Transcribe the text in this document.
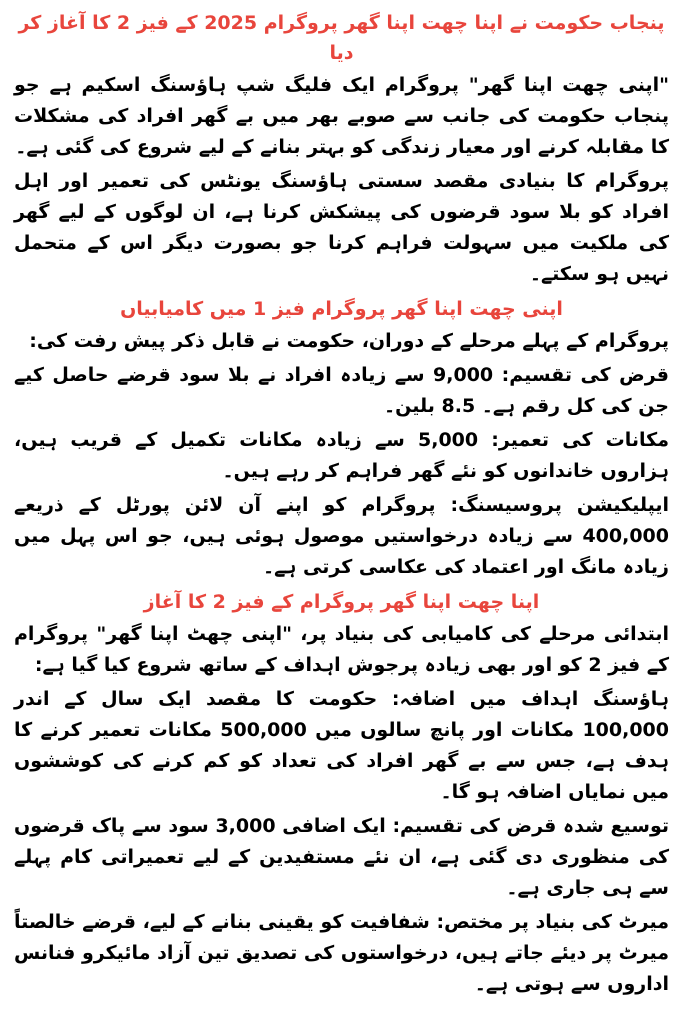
پنجاب حکومت نے اپنا چھت اپنا گھر پروگرام 2025 کے فیز 2 کا آغاز کر دیا

"اپنی چھت اپنا گھر" پروگرام ایک فلیگ شپ ہاؤسنگ اسکیم ہے جو پنجاب حکومت کی جانب سے صوبے بھر میں بے گھر افراد کی مشکلات کا مقابلہ کرنے اور معیار زندگی کو بہتر بنانے کے لیے شروع کی گئی ہے۔

پروگرام کا بنیادی مقصد سستی ہاؤسنگ یونٹس کی تعمیر اور اہل افراد کو بلا سود قرضوں کی پیشکش کرنا ہے، ان لوگوں کے لیے گھر کی ملکیت میں سہولت فراہم کرنا جو بصورت دیگر اس کے متحمل نہیں ہو سکتے۔

اپنی چھت اپنا گھر پروگرام فیز 1 میں کامیابیاں

پروگرام کے پہلے مرحلے کے دوران، حکومت نے قابل ذکر پیش رفت کی:

قرض کی تقسیم: 9,000 سے زیادہ افراد نے بلا سود قرضے حاصل کیے جن کی کل رقم ہے۔ 8.5 بلین۔

مکانات کی تعمیر: 5,000 سے زیادہ مکانات تکمیل کے قریب ہیں، ہزاروں خاندانوں کو نئے گھر فراہم کر رہے ہیں۔

ایپلیکیشن پروسیسنگ: پروگرام کو اپنے آن لائن پورٹل کے ذریعے 400,000 سے زیادہ درخواستیں موصول ہوئی ہیں، جو اس پہل میں زیادہ مانگ اور اعتماد کی عکاسی کرتی ہے۔

اپنا چھت اپنا گھر پروگرام کے فیز 2 کا آغاز

ابتدائی مرحلے کی کامیابی کی بنیاد پر، "اپنی چھٹ اپنا گھر" پروگرام کے فیز 2 کو اور بھی زیادہ پرجوش اہداف کے ساتھ شروع کیا گیا ہے:

ہاؤسنگ اہداف میں اضافہ: حکومت کا مقصد ایک سال کے اندر 100,000 مکانات اور پانچ سالوں میں 500,000 مکانات تعمیر کرنے کا ہدف ہے، جس سے بے گھر افراد کی تعداد کو کم کرنے کی کوششوں میں نمایاں اضافہ ہو گا۔

توسیع شدہ قرض کی تقسیم: ایک اضافی 3,000 سود سے پاک قرضوں کی منظوری دی گئی ہے، ان نئے مستفیدین کے لیے تعمیراتی کام پہلے سے ہی جاری ہے۔

میرٹ کی بنیاد پر مختص: شفافیت کو یقینی بنانے کے لیے، قرضے خالصتاً میرٹ پر دیئے جاتے ہیں، درخواستوں کی تصدیق تین آزاد مائیکرو فنانس اداروں سے ہوتی ہے۔
